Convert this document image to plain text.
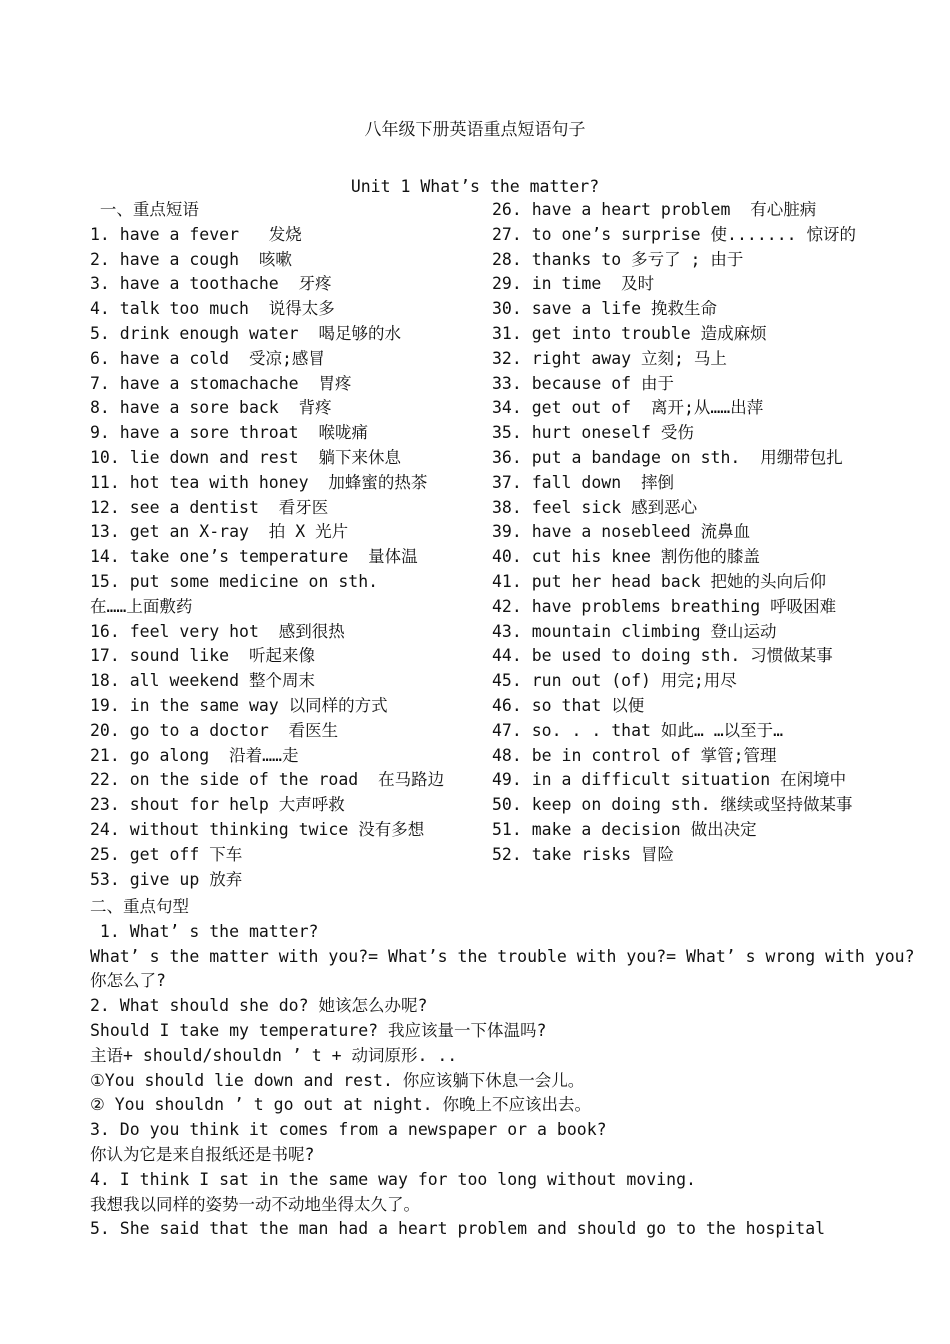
八年级下册英语重点短语句子
Unit 1 What’s the matter?
一、重点短语
1. have a fever   发烧
2. have a cough  咳嗽
3. have a toothache  牙疼
4. talk too much  说得太多
5. drink enough water  喝足够的水
6. have a cold  受凉;感冒
7. have a stomachache  胃疼
8. have a sore back  背疼
9. have a sore throat  喉咙痛
10. lie down and rest  躺下来休息
11. hot tea with honey  加蜂蜜的热茶
12. see a dentist  看牙医
13. get an X-ray  拍 X 光片
14. take one’s temperature  量体温
15. put some medicine on sth.
在……上面敷药
16. feel very hot  感到很热
17. sound like  听起来像
18. all weekend 整个周末
19. in the same way 以同样的方式
20. go to a doctor  看医生
21. go along  沿着……走
22. on the side of the road  在马路边
23. shout for help 大声呼救
24. without thinking twice 没有多想
25. get off 下车
53. give up 放弃
26. have a heart problem  有心脏病
27. to one’s surprise 使....... 惊讶的
28. thanks to 多亏了 ; 由于
29. in time  及时
30. save a life 挽救生命
31. get into trouble 造成麻烦
32. right away 立刻; 马上
33. because of 由于
34. get out of  离开;从……出萍
35. hurt oneself 受伤
36. put a bandage on sth.  用绷带包扎
37. fall down  摔倒
38. feel sick 感到恶心
39. have a nosebleed 流鼻血
40. cut his knee 割伤他的膝盖
41. put her head back 把她的头向后仰
42. have problems breathing 呼吸困难
43. mountain climbing 登山运动
44. be used to doing sth. 习惯做某事
45. run out (of) 用完;用尽
46. so that 以便
47. so. . . that 如此… …以至于…
48. be in control of 掌管;管理
49. in a difficult situation 在闲境中
50. keep on doing sth. 继续或坚持做某事
51. make a decision 做出决定
52. take risks 冒险
二、重点句型
1. What’ s the matter?
What’ s the matter with you?= What’s the trouble with you?= What’ s wrong with you?
你怎么了?
2. What should she do? 她该怎么办呢?
Should I take my temperature? 我应该量一下体温吗?
主语+ should/shouldn ’ t + 动词原形. ..
①You should lie down and rest. 你应该躺下休息一会儿。
② You shouldn ’ t go out at night. 你晚上不应该出去。
3. Do you think it comes from a newspaper or a book?
你认为它是来自报纸还是书呢?
4. I think I sat in the same way for too long without moving.
我想我以同样的姿势一动不动地坐得太久了。
5. She said that the man had a heart problem and should go to the hospital
